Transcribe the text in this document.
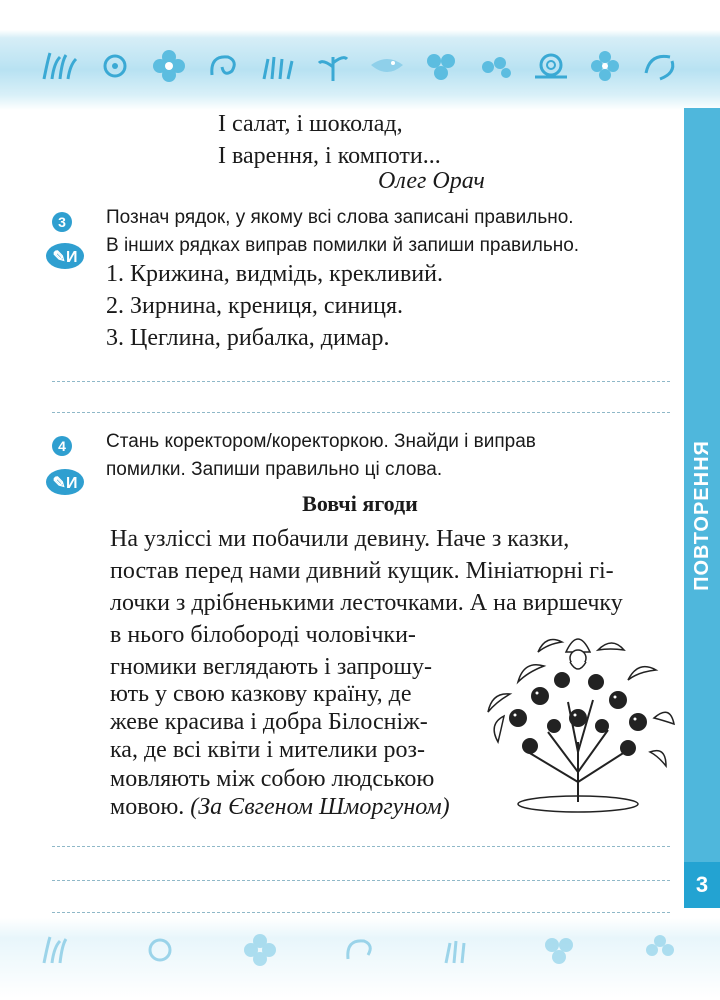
ПОВТОРЕННЯ
3
І салат, і шоколад,
І варення, і компоти...
Олег Орач
3
✎И
Познач рядок, у якому всі слова записані правильно.
В інших рядках виправ помилки й запиши правильно.
1. Крижина, видмідь, крекливий.
2. Зирнина, крениця, синиця.
3. Цеглина, рибалка, димар.
4
✎И
Стань коректором/коректоркою. Знайди і виправ
помилки. Запиши правильно ці слова.
Вовчі ягоди
На узліссі ми побачили девину. Наче з казки,
постав перед нами дивний кущик. Мініатюрні гі-
лочки з дрібненькими лесточками. А на виршечку
в нього білобороді чоловічки-
гномики веглядають і запрошу-
ють у свою казкову країну, де
жеве красива і добра Білосніж-
ка, де всі квіти і мителики роз-
мовляють між собою людською
мовою. (За Євгеном Шморгуном)
